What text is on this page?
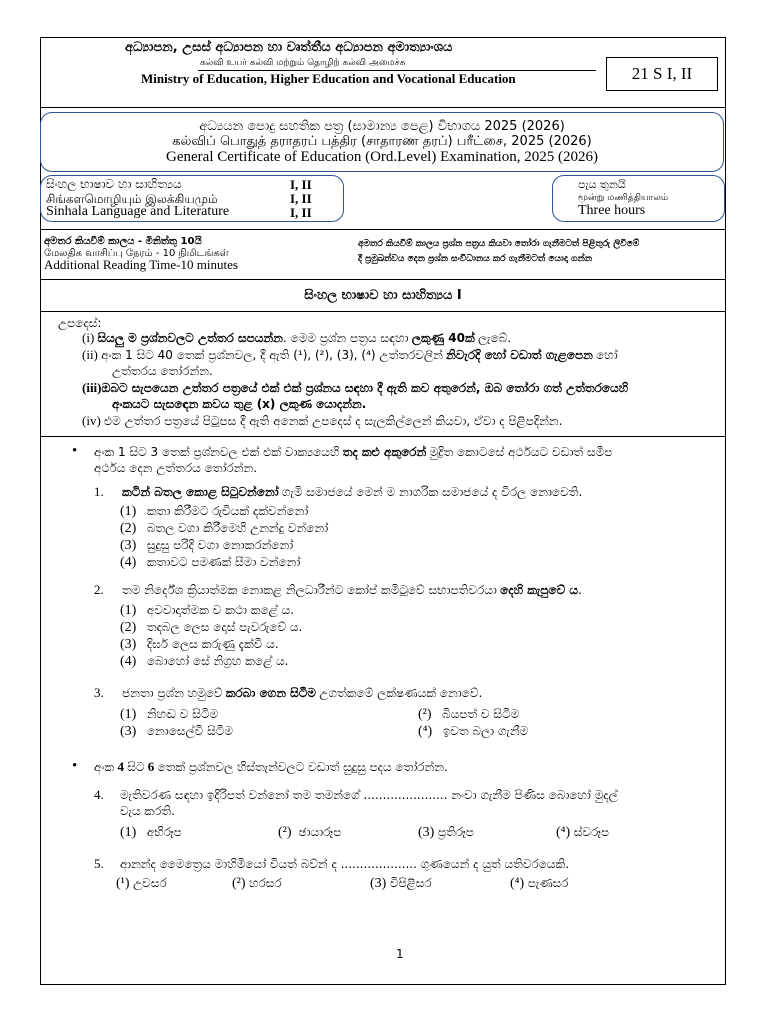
අධ්‍යාපන, උසස් අධ්‍යාපන හා වෘත්තීය අධ්‍යාපන අමාත්‍යාංශය
கல்வி உயர் கல்வி மற்றும் தொழிற் கல்வி அமைச்சு
Ministry of Education, Higher Education and Vocational Education	21 S I, II
අධ්‍යයන පොදු සහතික පත්‍ර (සාමාන්‍ය පෙළ) විභාගය 2025 (2026)
கல்விப் பொதுத் தராதரப் பத்திர (சாதாரண தரப்) பரீட்சை, 2025 (2026)
General Certificate of Education (Ord.Level) Examination, 2025 (2026)
සිංහල භාෂාව හා සාහිත්‍යය
சிங்களமொழியும் இலக்கியமும்
Sinhala Language and Literature
I, II
I, II
I, II
පැය තුනයි
மூன்று மணித்தியாலம்
Three hours
අමතර කියවීම් කාලය - මිනිත්තු 10යි
மேலதிக வாசிப்பு நேரம் - 10 நிமிடங்கள்
Additional Reading Time-10 minutes
අමතර කියවීම් කාලය ප්‍රශ්න පත්‍රය කියවා තෝරා ගැනීමටත් පිළිතුරු ලිවීමේ
දී ප්‍රමුඛත්වය දෙන ප්‍රශ්න සංවිධානය කර ගැනීමටත් යොදා ගන්න
සිංහල භාෂාව හා සාහිත්‍යය I
උපදෙස්:
(i) සියලු ම ප්‍රශ්නවලට උත්තර සපයන්න. මෙම ප්‍රශ්න පත්‍රය සඳහා ලකුණු 40ක් ලැබේ.
(ii) අංක 1 සිට 40 තෙක් ප්‍රශ්නවල, දී ඇති (¹), (²), (3), (⁴) උත්තරවලින් නිවැරදි හෝ වඩාත් ගැළපෙන හෝ
උත්තරය තෝරන්න.
(iii)ඔබට සැපයෙන උත්තර පත්‍රයේ එක් එක් ප්‍රශ්නය සඳහා දී ඇති කව අතුරෙන්, ඔබ තෝරා ගත් උත්තරයෙහි
අංකයට සැසඳෙන කවය තුළ (x) ලකුණ යොදන්න.
(iv) එම උත්තර පත්‍රයේ පිටුපස දී ඇති අනෙක් උපදෙස් ද සැලකිල්ලෙන් කියවා, ඒවා ද පිළිපදින්න.
• අංක 1 සිට 3 තෙක් ප්‍රශ්නවල එක් එක් වාක්‍යයෙහි තද කළු අකුරෙන් මුද්‍රිත කොටසේ අර්ථයට වඩාත් සමීප
අර්ථය දෙන උත්තරය තෝරන්න.
1. කටින් බතල කොළ සිටුවන්නෝ ගැමි සමාජයේ මෙන් ම නාගරික සමාජයේ ද විරල නොවෙති.
(1) කතා කිරීමට රුචියක් දක්වන්නෝ
(2) බතල වගා කිරීමෙහි උනන්දු වන්නෝ
(3) සුදුසු පරිදි වගා නොකරන්නෝ
(4) කතාවට පමණක් සීමා වන්නෝ
2. තම නිර්දේශ ක්‍රියාත්මක නොකළ නිලධාරීන්ට කෝප් කමිටුවේ සභාපතිවරයා දෙහි කැපුවේ ය.
(1) අවවාදාත්මක ව කථා කළේ ය.
(2) තදබල ලෙස දොස් පැවරුවේ ය.
(3) දිර්ඝ ලෙස කරුණු දැක්වී ය.
(4) බොහෝ සේ නිග්‍රහ කළේ ය.
3. ජනතා ප්‍රශ්න හමුවේ කරබා ගෙන සිටීම උගත්කමේ ලක්ෂණයක් නොවේ.
(1) නිහඬ ව සිටීම	(²) බියපත් ව සිටීම
(3) නොසෙල්වී සිටීම	(⁴) ඉවත බලා ගැනීම
• අංක 4 සිට 6 තෙක් ප්‍රශ්නවල හිස්තැන්වලට වඩාත් සුදුසු පදය තෝරන්න.
4. මැතිවරණ සඳහා ඉදිරිපත් වන්නෝ තම තමන්ගේ ...................... නංවා ගැනීම පිණිස බොහෝ මුදල්
වැය කරති.
(1) අභිරූප	(²) ඡායාරූප	(3) ප්‍රතිරූප	(⁴) ස්වරූප
5. ආනන්ද මෛත්‍රෙය මාහිමියෝ වියත් බව්න් ද .................... ගුණයෙන් ද යුත් යතිවරයෙකි.
(¹) උවසර	(²) හරසර	(3) විපිළිසර	(⁴) පැණසර
1
